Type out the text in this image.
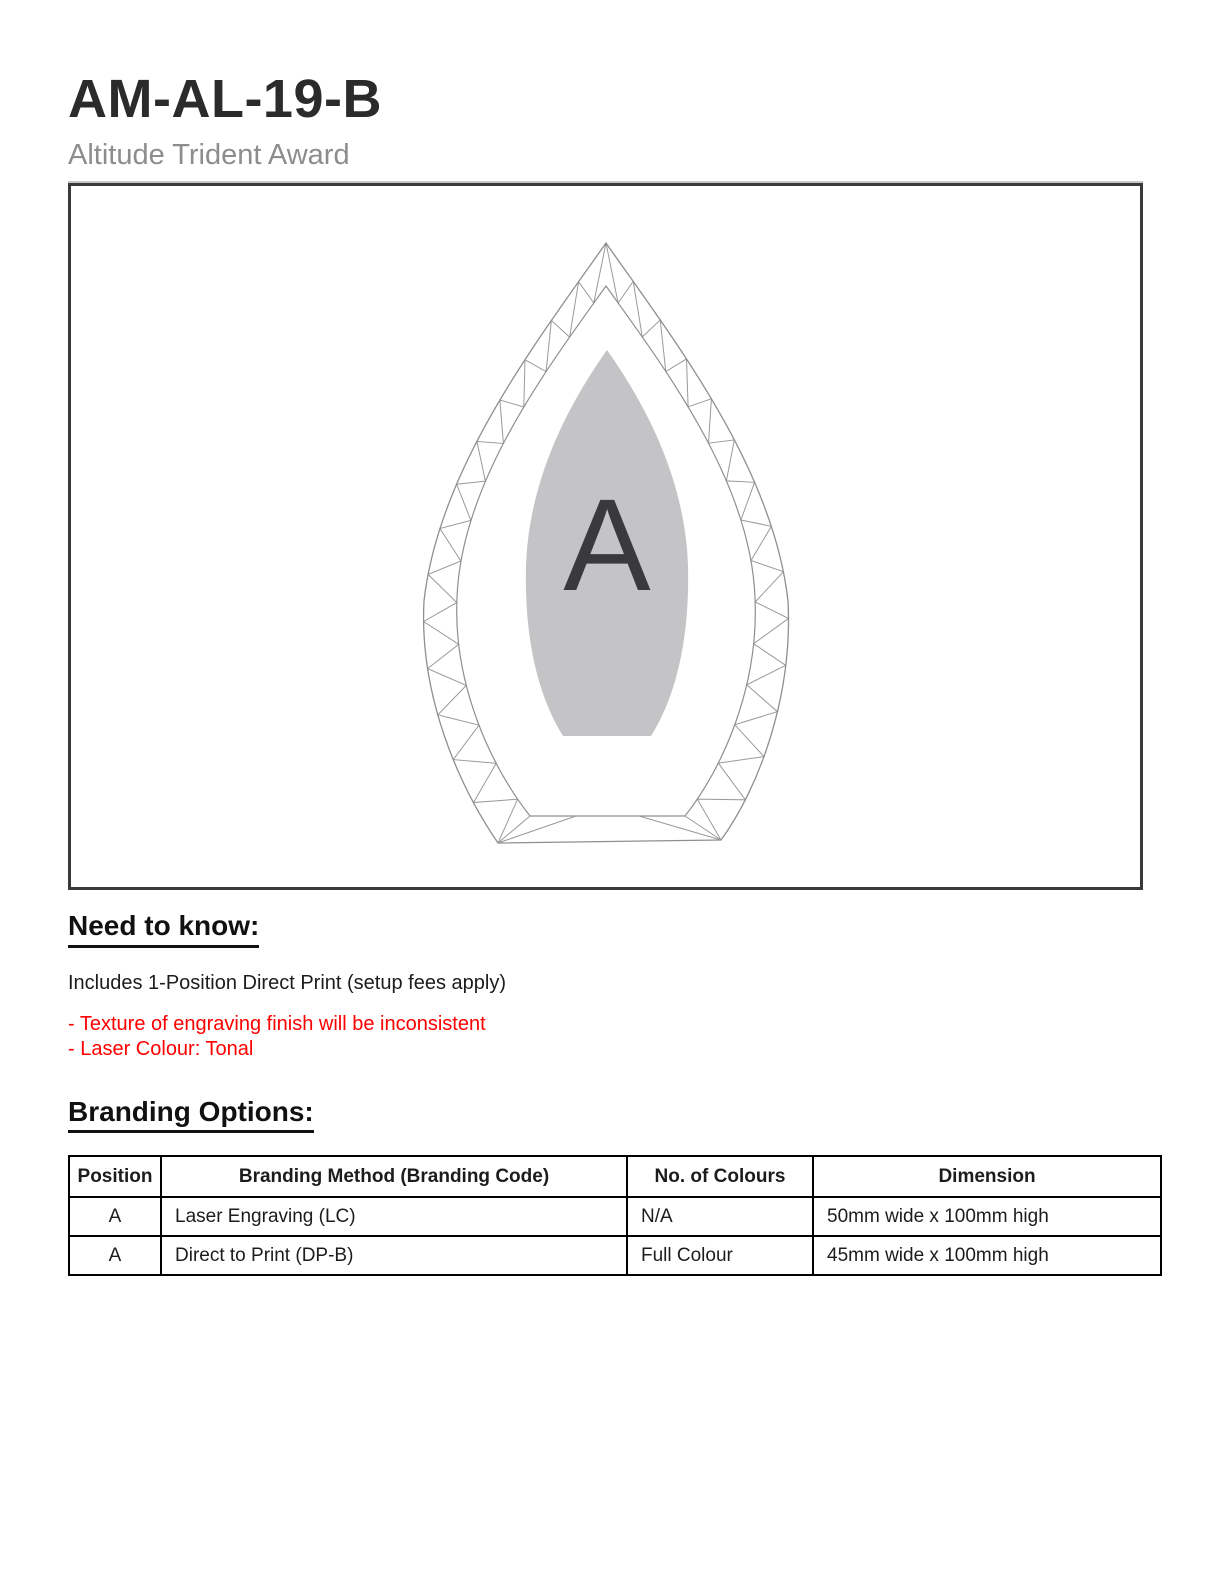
AM-AL-19-B
Altitude Trident Award
A
Need to know:

Includes 1-Position Direct Print (setup fees apply)

- Texture of engraving finish will be inconsistent
- Laser Colour: Tonal
Branding Options:
Position	Branding Method (Branding Code)	No. of Colours	Dimension
A	Laser Engraving (LC)	N/A	50mm wide x 100mm high
A	Direct to Print (DP-B)	Full Colour	45mm wide x 100mm high
